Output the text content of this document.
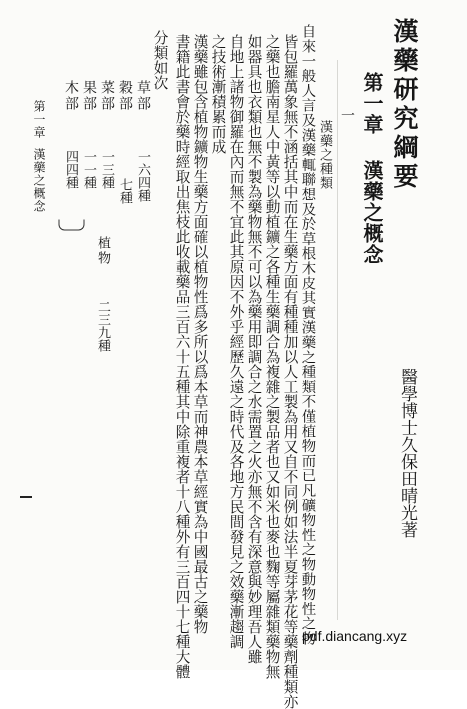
漢藥研究綱要
醫學博士久保田晴光著
第一章 漢藥之概念
一
漢藥之種類
自來一般人言及漢藥輒聯想及於草根木皮其實漢藥之種類不僅植物而已凡礦物性之物動物性之物
皆包羅萬象無不涵括其中而在生藥方面有種種加以人工製為用又自不同例如法半夏芽茅花等藥劑種類亦
之藥也膽南星人中黃等以動植鑛之各種生藥調合為複雜之製品者也又如米也麥也麴等屬雜類藥物無
如器具也衣類也無不製為藥物無不可以為藥用即調合之水需置之火亦無不含有深意與妙理吾人雖
自地上諸物御羅在內而無不宜此其原因不外乎經歷久遠之時代及各地方民間發見之效藥漸趨調
之技術漸積累而成
漢藥雖包含植物鑛物生藥方面確以植物性爲多所以爲本草而神農本草經實為中國最古之藥物
書籍此書會於藥時經取出焦枝此收載藥品三百六十五種其中除重複者十八種外有三百四十七種大體
分類如次
草部
穀部
菜部
果部
木部
一六四種
七種
一三種
一一種
四四種
植物
二三九種
第一章
漢藥之概念
pdf.diancang.xyz
